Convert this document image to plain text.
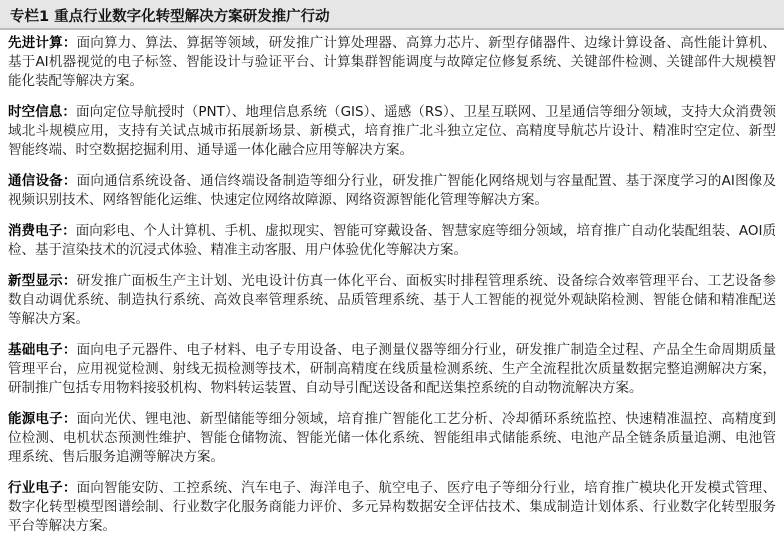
专栏1 重点行业数字化转型解决方案研发推广行动

先进计算：面向算力、算法、算据等领域，研发推广计算处理器、高算力芯片、新型存储器件、边缘计算设备、高性能计算机、基于AI机器视觉的电子标签、智能设计与验证平台、计算集群智能调度与故障定位修复系统、关键部件检测、关键部件大规模智能化装配等解决方案。

时空信息：面向定位导航授时（PNT）、地理信息系统（GIS）、遥感（RS）、卫星互联网、卫星通信等细分领域，支持大众消费领域北斗规模应用，支持有关试点城市拓展新场景、新模式，培育推广北斗独立定位、高精度导航芯片设计、精准时空定位、新型智能终端、时空数据挖掘利用、通导遥一体化融合应用等解决方案。

通信设备：面向通信系统设备、通信终端设备制造等细分行业，研发推广智能化网络规划与容量配置、基于深度学习的AI图像及视频识别技术、网络智能化运维、快速定位网络故障源、网络资源智能化管理等解决方案。

消费电子：面向彩电、个人计算机、手机、虚拟现实、智能可穿戴设备、智慧家庭等细分领域，培育推广自动化装配组装、AOI质检、基于渲染技术的沉浸式体验、精准主动客服、用户体验优化等解决方案。

新型显示：研发推广面板生产主计划、光电设计仿真一体化平台、面板实时排程管理系统、设备综合效率管理平台、工艺设备参数自动调优系统、制造执行系统、高效良率管理系统、品质管理系统、基于人工智能的视觉外观缺陷检测、智能仓储和精准配送等解决方案。

基础电子：面向电子元器件、电子材料、电子专用设备、电子测量仪器等细分行业，研发推广制造全过程、产品全生命周期质量管理平台，应用视觉检测、射线无损检测等技术，研制高精度在线质量检测系统、生产全流程批次质量数据完整追溯解决方案，研制推广包括专用物料接驳机构、物料转运装置、自动导引配送设备和配送集控系统的自动物流解决方案。

能源电子：面向光伏、锂电池、新型储能等细分领域，培育推广智能化工艺分析、冷却循环系统监控、快速精准温控、高精度到位检测、电机状态预测性维护、智能仓储物流、智能光储一体化系统、智能组串式储能系统、电池产品全链条质量追溯、电池管理系统、售后服务追溯等解决方案。

行业电子：面向智能安防、工控系统、汽车电子、海洋电子、航空电子、医疗电子等细分行业，培育推广模块化开发模式管理、数字化转型模型图谱绘制、行业数字化服务商能力评价、多元异构数据安全评估技术、集成制造计划体系、行业数字化转型服务平台等解决方案。
